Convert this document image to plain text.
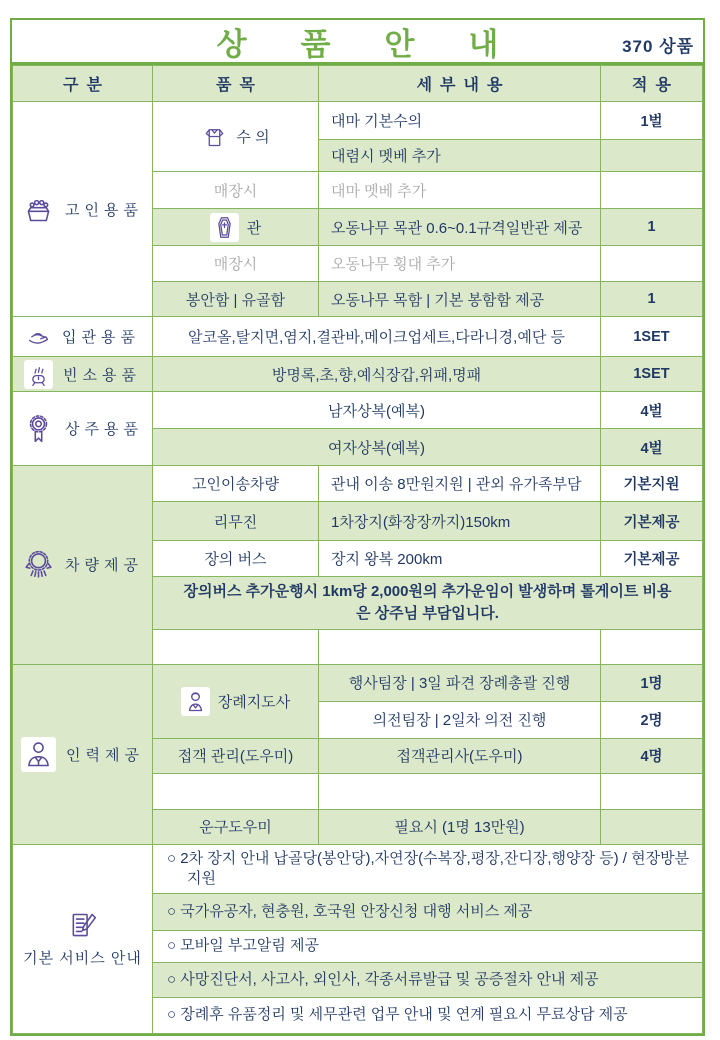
상품안내	370 상품
구분	품목	세부내용	적용

고인용품	수 의	대마 기본수의	1벌
		대렴시 멧베 추가	
	매장시	대마 멧베 추가	

	관	오동나무 목관 0.6~0.1규격일반관 제공	1
	매장시	오동나무 횡대 추가	
	봉안함 | 유골함	오동나무 목함 | 기본 봉함함 제공	1

입관용품	알코올,탈지면,염지,결관바,메이크업세트,다라니경,예단 등		1SET

빈소용품	방명록,초,향,예식장갑,위패,명패		1SET

상주용품	남자상복(예복)		4벌
	여자상복(예복)		4벌

차량제공	고인이송차량	관내 이송 8만원지원 | 관외 유가족부담	기본지원
	리무진	1차장지(화장장까지)150km	기본제공
	장의 버스	장지 왕복 200km	기본제공
	장의버스 추가운행시 1km당 2,000원의 추가운임이 발생하며 톨게이트 비용은 상주님 부담입니다.		

인력제공	장례지도사	행사팀장 | 3일 파견 장례총괄 진행	1명
		의전팀장 | 2일차 의전 진행	2명
	접객 관리(도우미)	접객관리사(도우미)	4명

	운구도우미	필요시 (1명 13만원)	

기본 서비스 안내	○ 2차 장지 안내 납골당(봉안당),자연장(수복장,평장,잔디장,행양장 등) / 현장방분 지원		
	○ 국가유공자, 현충원, 호국원 안장신청 대행 서비스 제공		
	○ 모바일 부고알림 제공		
	○ 사망진단서, 사고사, 외인사, 각종서류발급 및 공증절차 안내 제공		
	○ 장례후 유품정리 및 세무관련 업무 안내 및 연계 필요시 무료상담 제공		
